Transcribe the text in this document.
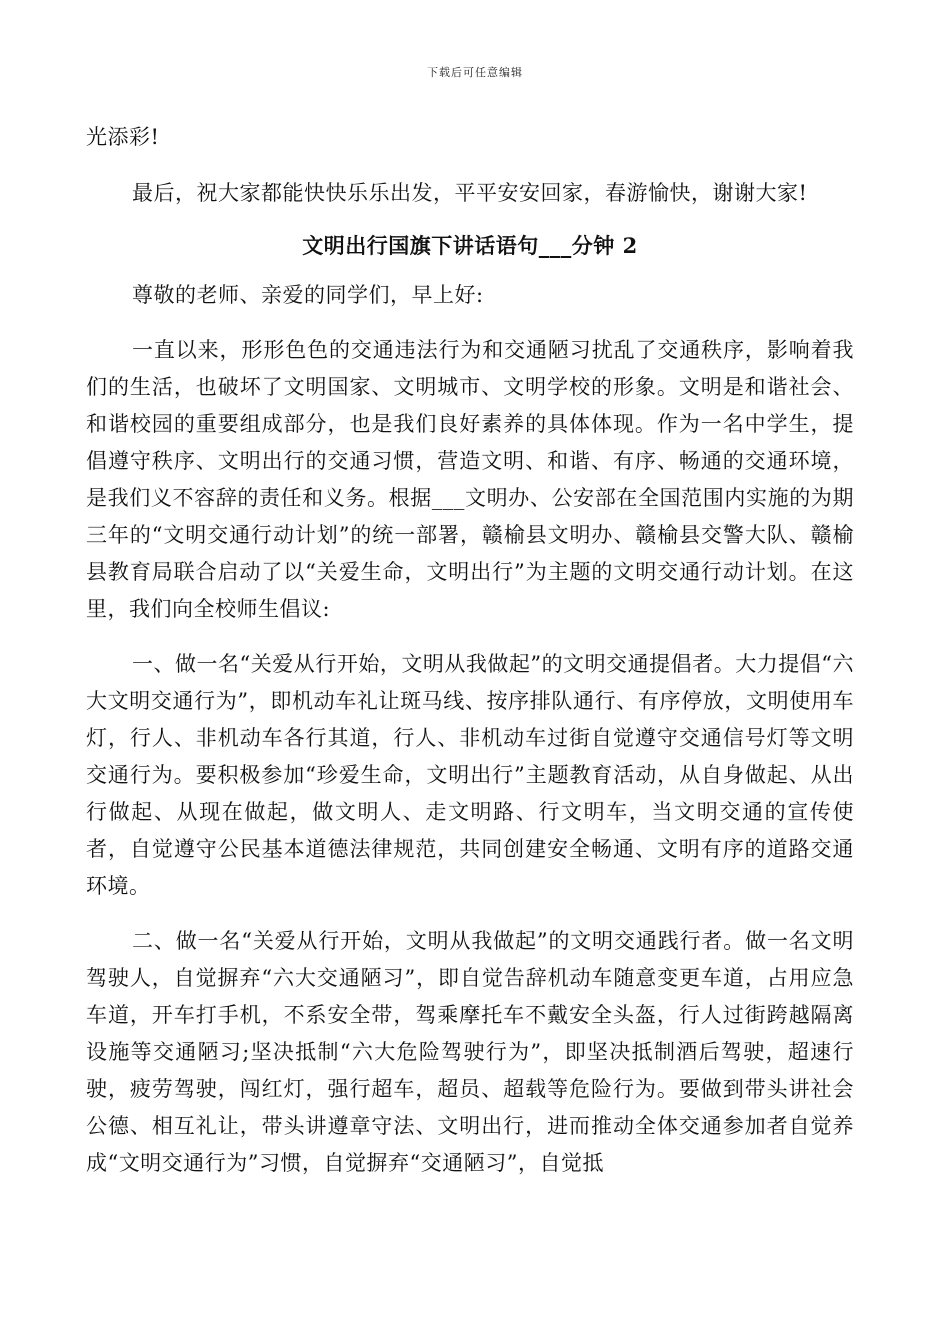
下载后可任意编辑

光添彩!

最后，祝大家都能快快乐乐出发，平平安安回家，春游愉快，谢谢大家!

文明出行国旗下讲话语句___分钟 2

尊敬的老师、亲爱的同学们，早上好:

一直以来，形形色色的交通违法行为和交通陋习扰乱了交通秩序，影响着我们的生活，也破坏了文明国家、文明城市、文明学校的形象。文明是和谐社会、和谐校园的重要组成部分，也是我们良好素养的具体体现。作为一名中学生，提倡遵守秩序、文明出行的交通习惯，营造文明、和谐、有序、畅通的交通环境，是我们义不容辞的责任和义务。根据___文明办、公安部在全国范围内实施的为期三年的“文明交通行动计划”的统一部署，赣榆县文明办、赣榆县交警大队、赣榆县教育局联合启动了以“关爱生命，文明出行”为主题的文明交通行动计划。在这里，我们向全校师生倡议:

一、做一名“关爱从行开始，文明从我做起”的文明交通提倡者。大力提倡“六大文明交通行为”，即机动车礼让斑马线、按序排队通行、有序停放，文明使用车灯，行人、非机动车各行其道，行人、非机动车过街自觉遵守交通信号灯等文明交通行为。要积极参加“珍爱生命，文明出行”主题教育活动，从自身做起、从出行做起、从现在做起，做文明人、走文明路、行文明车，当文明交通的宣传使者，自觉遵守公民基本道德法律规范，共同创建安全畅通、文明有序的道路交通环境。

二、做一名“关爱从行开始，文明从我做起”的文明交通践行者。做一名文明驾驶人，自觉摒弃“六大交通陋习”，即自觉告辞机动车随意变更车道，占用应急车道，开车打手机，不系安全带，驾乘摩托车不戴安全头盔，行人过街跨越隔离设施等交通陋习;坚决抵制“六大危险驾驶行为”，即坚决抵制酒后驾驶，超速行驶，疲劳驾驶，闯红灯，强行超车，超员、超载等危险行为。要做到带头讲社会公德、相互礼让，带头讲遵章守法、文明出行，进而推动全体交通参加者自觉养成“文明交通行为”习惯，自觉摒弃“交通陋习”，自觉抵
